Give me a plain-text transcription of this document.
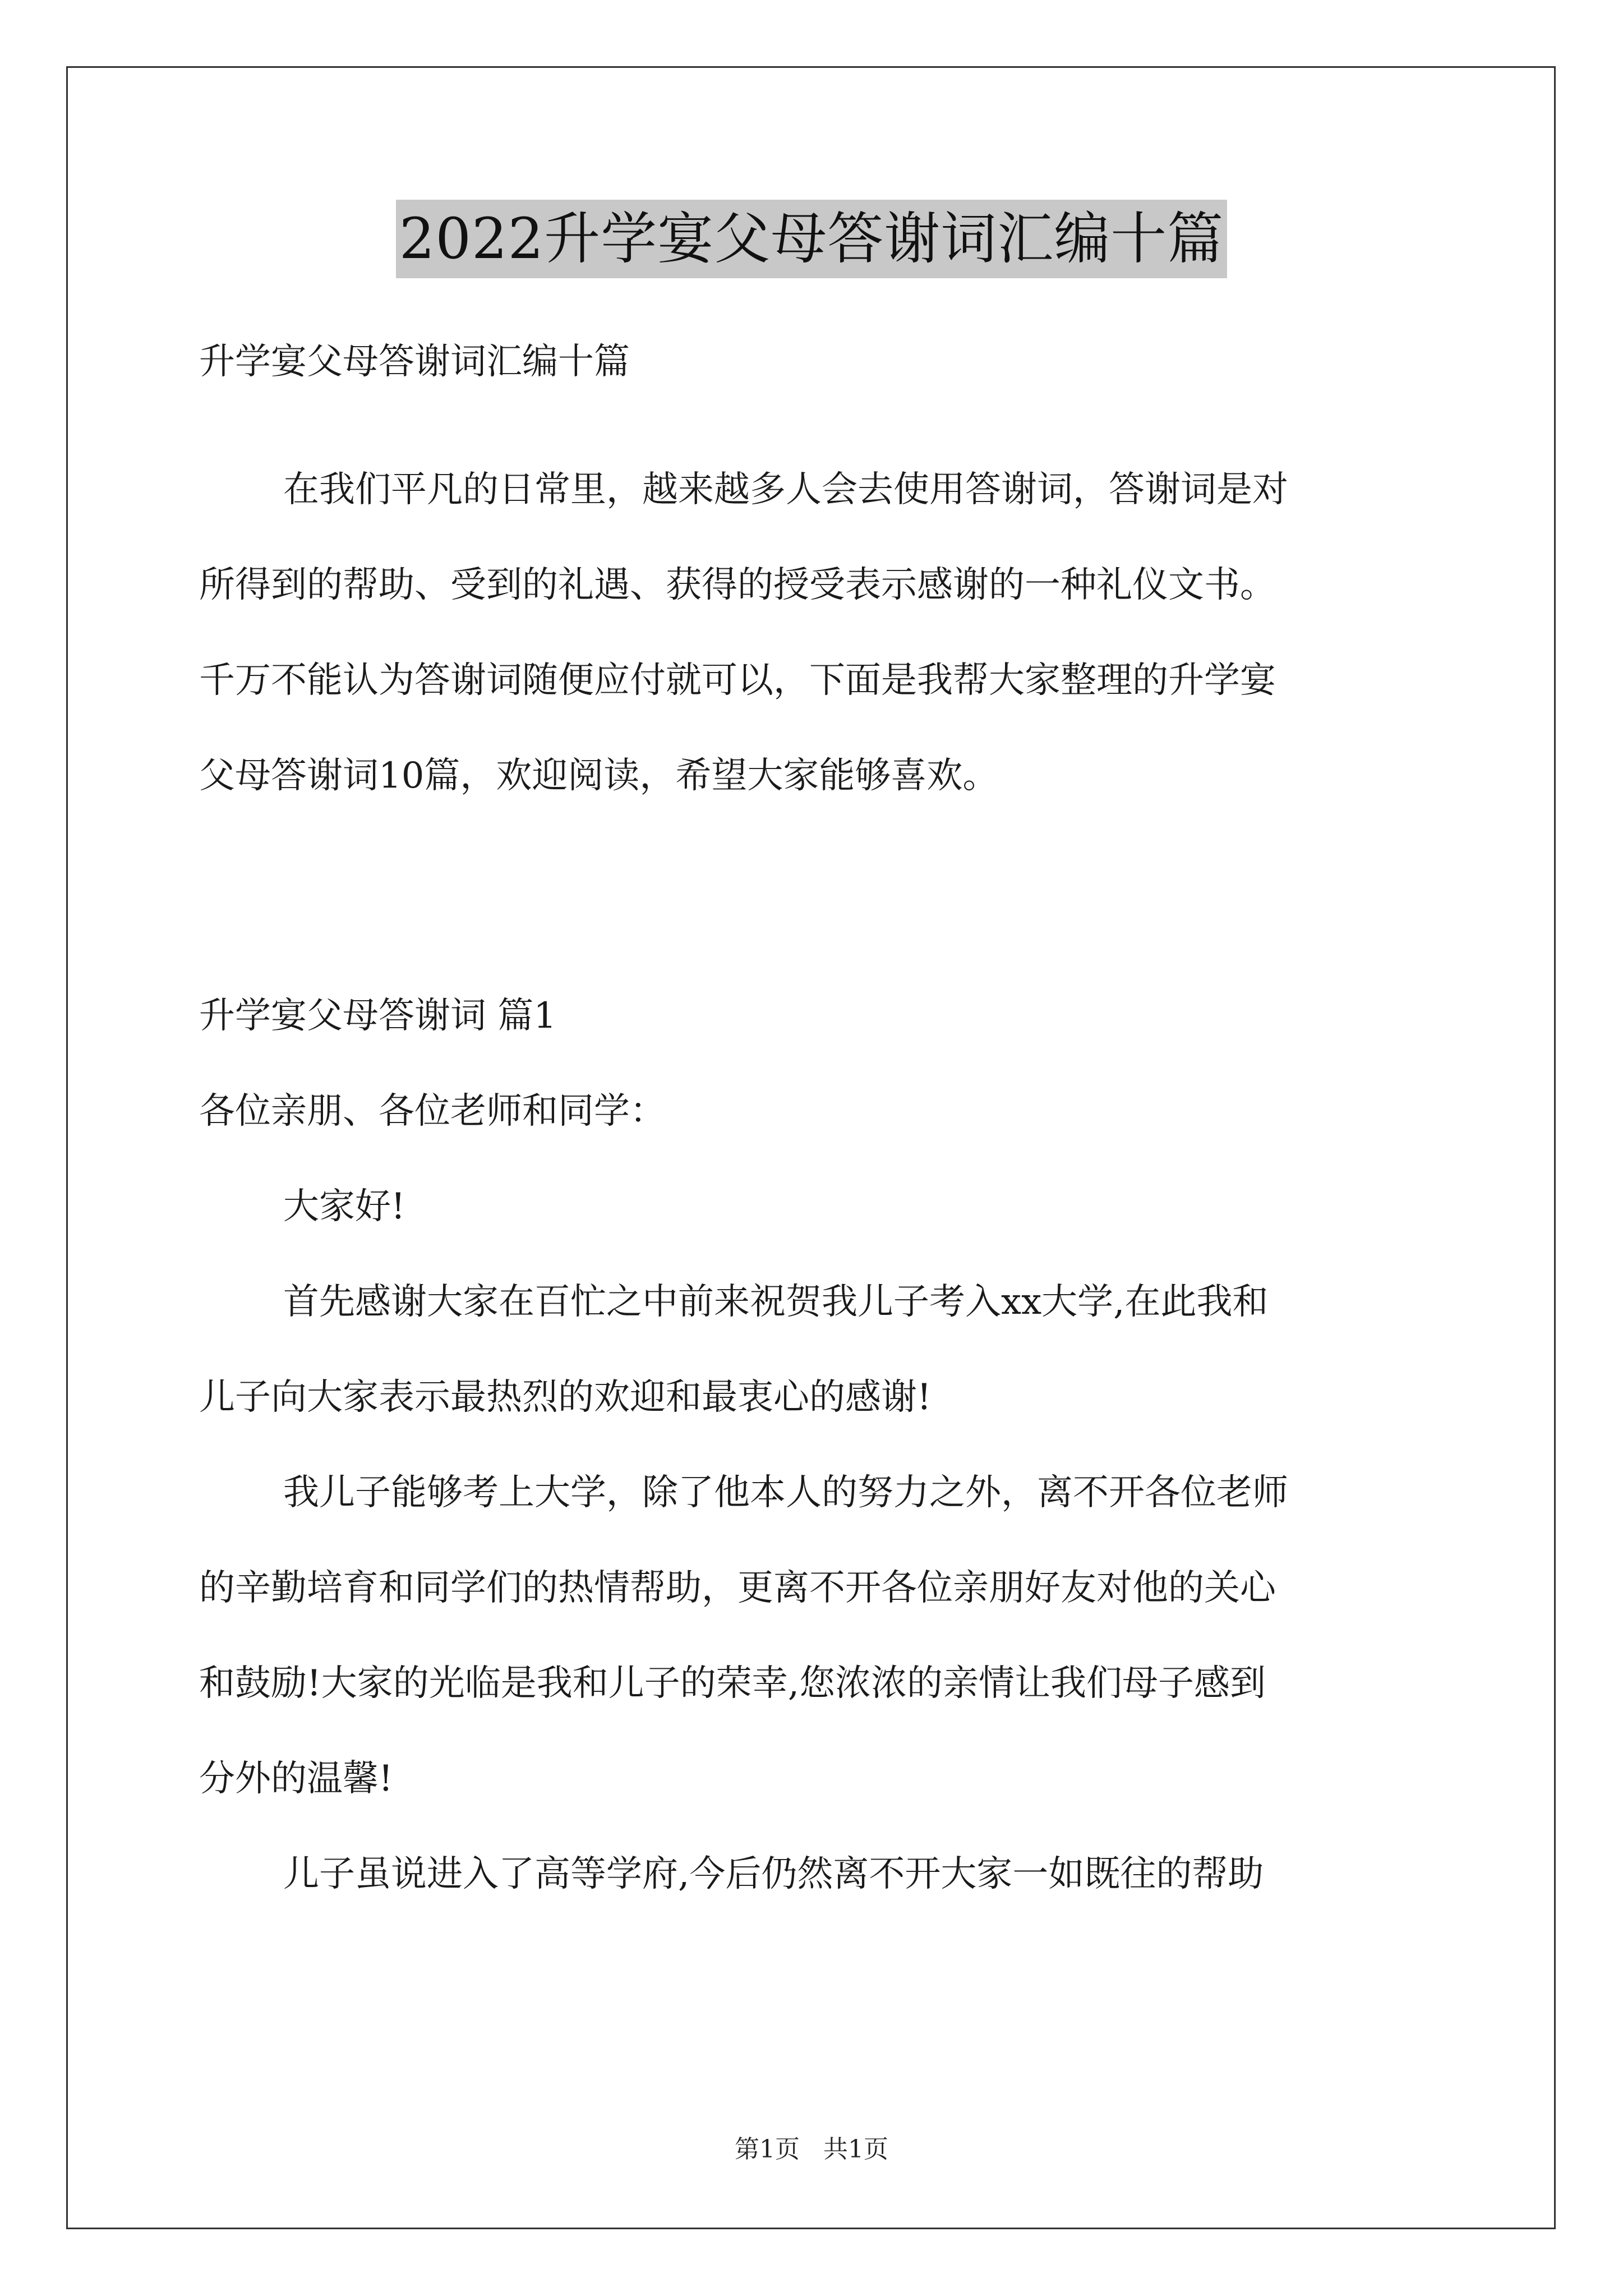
2022升学宴父母答谢词汇编十篇

升学宴父母答谢词汇编十篇

在我们平凡的日常里，越来越多人会去使用答谢词，答谢词是对

所得到的帮助、受到的礼遇、获得的授受表示感谢的一种礼仪文书。

千万不能认为答谢词随便应付就可以，下面是我帮大家整理的升学宴

父母答谢词10篇，欢迎阅读，希望大家能够喜欢。

升学宴父母答谢词 篇1

各位亲朋、各位老师和同学：

大家好!

首先感谢大家在百忙之中前来祝贺我儿子考入xx大学,在此我和

儿子向大家表示最热烈的欢迎和最衷心的感谢!

我儿子能够考上大学，除了他本人的努力之外，离不开各位老师

的辛勤培育和同学们的热情帮助，更离不开各位亲朋好友对他的关心

和鼓励!大家的光临是我和儿子的荣幸,您浓浓的亲情让我们母子感到

分外的温馨!

儿子虽说进入了高等学府,今后仍然离不开大家一如既往的帮助

第1页   共1页
